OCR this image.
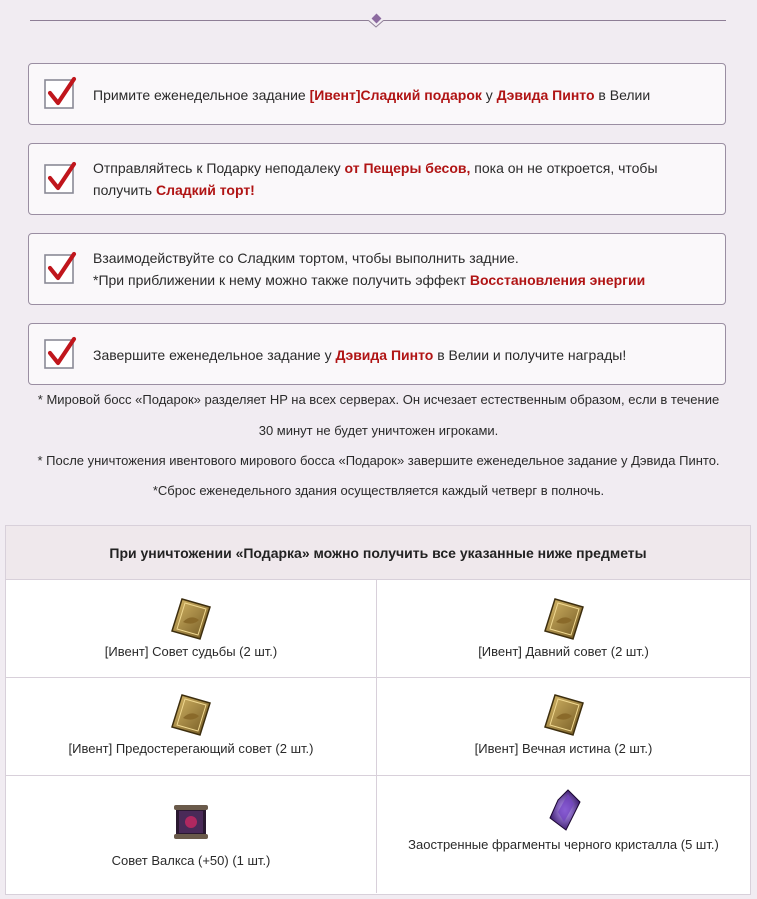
Примите еженедельное задание [Ивент]Сладкий подарок у Дэвида Пинто в Велии
Отправляйтесь к Подарку неподалеку от Пещеры бесов, пока он не откроется, чтобы получить Сладкий торт!
Взаимодействуйте со Сладким тортом, чтобы выполнить задние.
*При приближении к нему можно также получить эффект Восстановления энергии
Завершите еженедельное задание у Дэвида Пинто в Велии и получите награды!
* Мировой босс «Подарок» разделяет HP на всех серверах. Он исчезает естественным образом, если в течение
30 минут не будет уничтожен игроками.
* После уничтожения ивентового мирового босса «Подарок» завершите еженедельное задание у Дэвида Пинто.
*Сброс еженедельного здания осуществляется каждый четверг в полночь.
При уничтожении «Подарка» можно получить все указанные ниже предметы
[Ивент] Совет судьбы (2 шт.)	[Ивент] Давний совет (2 шт.)
[Ивент] Предостерегающий совет (2 шт.)	[Ивент] Вечная истина (2 шт.)
Совет Валкса (+50) (1 шт.)
Заостренные фрагменты черного кристалла (5 шт.)
